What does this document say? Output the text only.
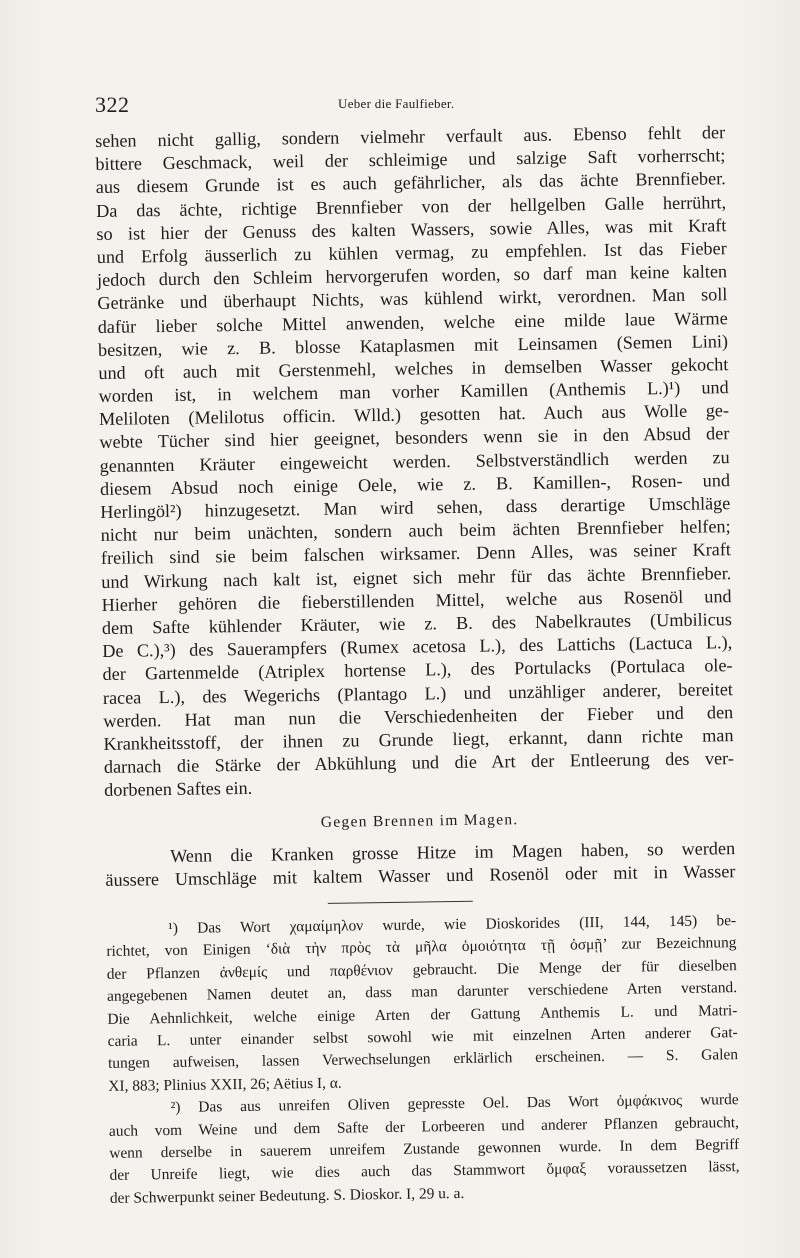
322	Ueber die Faulfieber.
sehen nicht gallig, sondern vielmehr verfault aus. Ebenso fehlt der
bittere Geschmack, weil der schleimige und salzige Saft vorherrscht;
aus diesem Grunde ist es auch gefährlicher, als das ächte Brennfieber.
Da das ächte, richtige Brennfieber von der hellgelben Galle herrührt,
so ist hier der Genuss des kalten Wassers, sowie Alles, was mit Kraft
und Erfolg äusserlich zu kühlen vermag, zu empfehlen. Ist das Fieber
jedoch durch den Schleim hervorgerufen worden, so darf man keine kalten
Getränke und überhaupt Nichts, was kühlend wirkt, verordnen. Man soll
dafür lieber solche Mittel anwenden, welche eine milde laue Wärme
besitzen, wie z. B. blosse Kataplasmen mit Leinsamen (Semen Lini)
und oft auch mit Gerstenmehl, welches in demselben Wasser gekocht
worden ist, in welchem man vorher Kamillen (Anthemis L.)¹) und
Meliloten (Melilotus officin. Wlld.) gesotten hat. Auch aus Wolle ge-
webte Tücher sind hier geeignet, besonders wenn sie in den Absud der
genannten Kräuter eingeweicht werden. Selbstverständlich werden zu
diesem Absud noch einige Oele, wie z. B. Kamillen-, Rosen- und
Herlingöl²) hinzugesetzt. Man wird sehen, dass derartige Umschläge
nicht nur beim unächten, sondern auch beim ächten Brennfieber helfen;
freilich sind sie beim falschen wirksamer. Denn Alles, was seiner Kraft
und Wirkung nach kalt ist, eignet sich mehr für das ächte Brennfieber.
Hierher gehören die fieberstillenden Mittel, welche aus Rosenöl und
dem Safte kühlender Kräuter, wie z. B. des Nabelkrautes (Umbilicus
De C.),³) des Sauerampfers (Rumex acetosa L.), des Lattichs (Lactuca L.),
der Gartenmelde (Atriplex hortense L.), des Portulacks (Portulaca ole-
racea L.), des Wegerichs (Plantago L.) und unzähliger anderer, bereitet
werden. Hat man nun die Verschiedenheiten der Fieber und den
Krankheitsstoff, der ihnen zu Grunde liegt, erkannt, dann richte man
darnach die Stärke der Abkühlung und die Art der Entleerung des ver-
dorbenen Saftes ein.
Gegen Brennen im Magen.
Wenn die Kranken grosse Hitze im Magen haben, so werden
äussere Umschläge mit kaltem Wasser und Rosenöl oder mit in Wasser
¹) Das Wort χαμαίμηλον wurde, wie Dioskorides (III, 144, 145) be-
richtet, von Einigen ‘διὰ τὴν πρὸς τὰ μῆλα ὁμοιότητα τῇ ὀσμῇ’ zur Bezeichnung
der Pflanzen ἀνθεμίς und παρθένιον gebraucht. Die Menge der für dieselben
angegebenen Namen deutet an, dass man darunter verschiedene Arten verstand.
Die Aehnlichkeit, welche einige Arten der Gattung Anthemis L. und Matri-
caria L. unter einander selbst sowohl wie mit einzelnen Arten anderer Gat-
tungen aufweisen, lassen Verwechselungen erklärlich erscheinen. — S. Galen
XI, 883; Plinius XXII, 26; Aëtius I, α.
²) Das aus unreifen Oliven gepresste Oel. Das Wort ὀμφάκινος wurde
auch vom Weine und dem Safte der Lorbeeren und anderer Pflanzen gebraucht,
wenn derselbe in sauerem unreifem Zustande gewonnen wurde. In dem Begriff
der Unreife liegt, wie dies auch das Stammwort ὄμφαξ voraussetzen lässt,
der Schwerpunkt seiner Bedeutung. S. Dioskor. I, 29 u. a.
